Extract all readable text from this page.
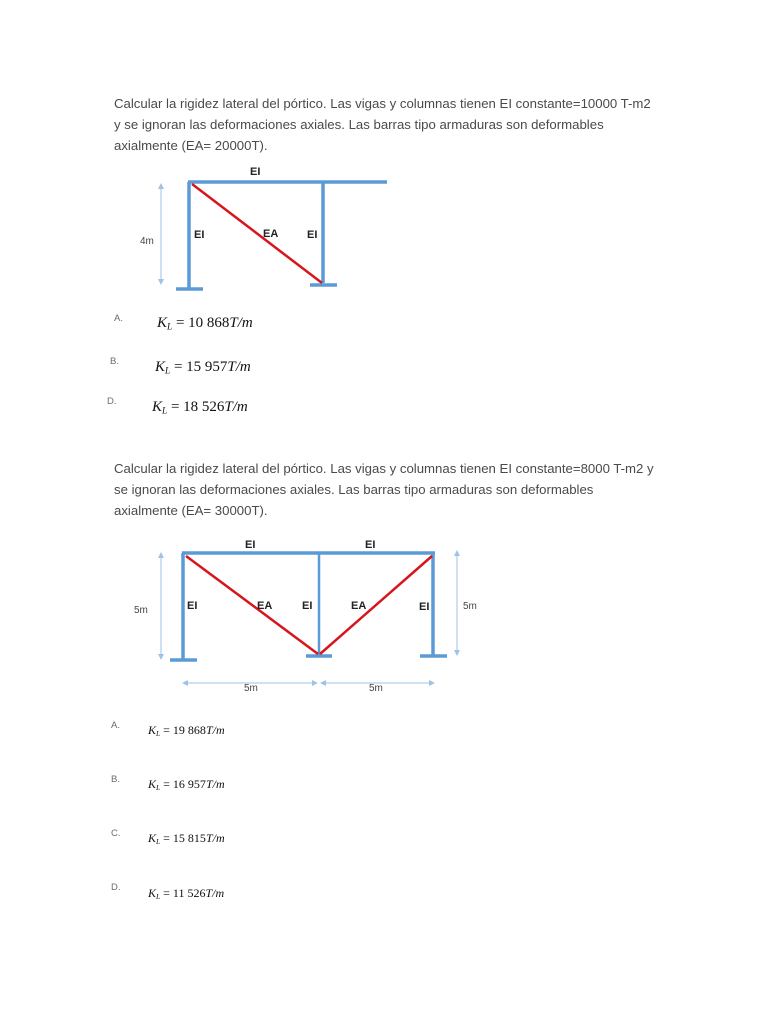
Calcular la rigidez lateral del pórtico. Las vigas y columnas tienen EI constante=10000 T-m2 y se ignoran las deformaciones axiales. Las barras tipo armaduras son deformables axialmente (EA= 20000T).

EI
EI	EA	EI
4m
A. $K_L = 10$ 868T/m
B. $K_L = 15$ 957T/m
D. $K_L = 18$ 526T/m

Calcular la rigidez lateral del pórtico. Las vigas y columnas tienen EI constante=8000 T-m2 y se ignoran las deformaciones axiales. Las barras tipo armaduras son deformables axialmente (EA= 30000T).

EI	EI
EI	EA	EI	EA	EI
5m	5m
5m	5m
A. $K_L = 19$ 868T/m
B. $K_L = 16$ 957T/m
C. $K_L = 15$ 815T/m
D. $K_L = 11$ 526T/m
